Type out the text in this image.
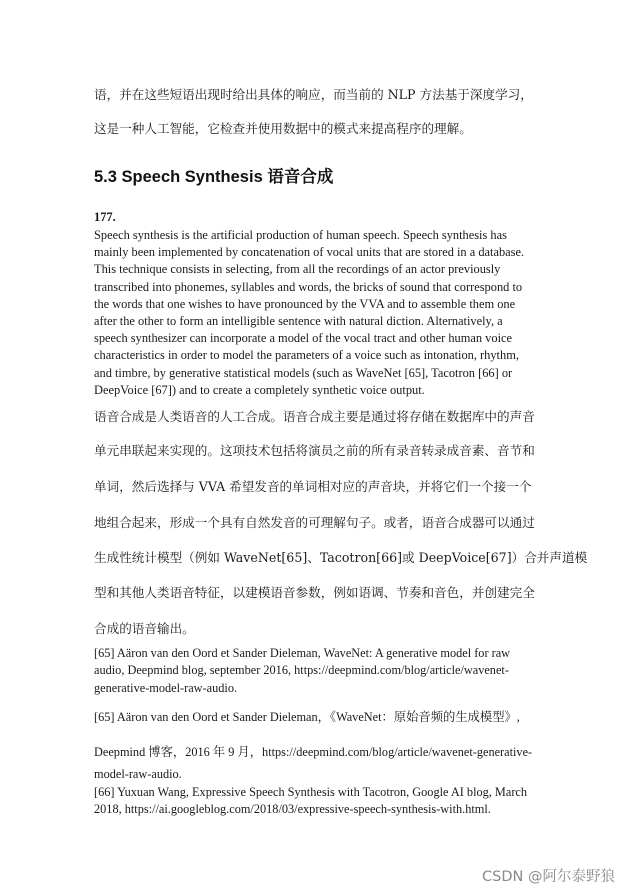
语，并在这些短语出现时给出具体的响应，而当前的 NLP 方法基于深度学习，
这是一种人工智能，它检查并使用数据中的模式来提高程序的理解。
5.3 Speech Synthesis 语音合成
177.
Speech synthesis is the artificial production of human speech. Speech synthesis has
mainly been implemented by concatenation of vocal units that are stored in a database.
This technique consists in selecting, from all the recordings of an actor previously
transcribed into phonemes, syllables and words, the bricks of sound that correspond to
the words that one wishes to have pronounced by the VVA and to assemble them one
after the other to form an intelligible sentence with natural diction. Alternatively, a
speech synthesizer can incorporate a model of the vocal tract and other human voice
characteristics in order to model the parameters of a voice such as intonation, rhythm,
and timbre, by generative statistical models (such as WaveNet [65], Tacotron [66] or
DeepVoice [67]) and to create a completely synthetic voice output.
语音合成是人类语音的人工合成。语音合成主要是通过将存储在数据库中的声音
单元串联起来实现的。这项技术包括将演员之前的所有录音转录成音素、音节和
单词，然后选择与 VVA 希望发音的单词相对应的声音块，并将它们一个接一个
地组合起来，形成一个具有自然发音的可理解句子。或者，语音合成器可以通过
生成性统计模型（例如 WaveNet[65]、Tacotron[66]或 DeepVoice[67]）合并声道模
型和其他人类语音特征，以建模语音参数，例如语调、节奏和音色，并创建完全
合成的语音输出。
[65] Aäron van den Oord et Sander Dieleman, WaveNet: A generative model for raw
audio, Deepmind blog, september 2016, https://deepmind.com/blog/article/wavenet-
generative-model-raw-audio.
[65] Aäron van den Oord et Sander Dieleman，《WaveNet：原始音频的生成模型》,
Deepmind 博客，2016 年 9 月，https://deepmind.com/blog/article/wavenet-generative-
model-raw-audio.
[66] Yuxuan Wang, Expressive Speech Synthesis with Tacotron, Google AI blog, March
2018, https://ai.googleblog.com/2018/03/expressive-speech-synthesis-with.html.
CSDN @阿尔泰野狼
